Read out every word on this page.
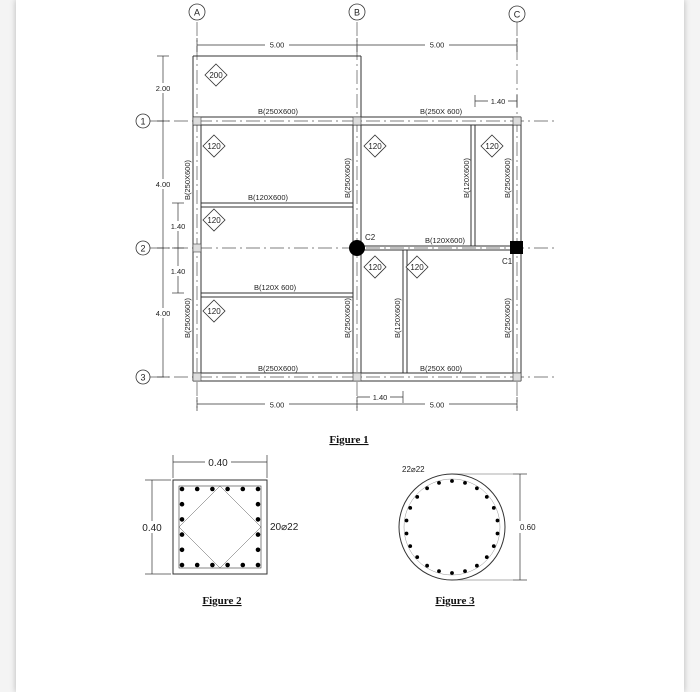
A	B	C
1
2
3
C2
C1
B(250X600)	B(250X 600)
B(250X600)	B(250X 600)
B(120X600)
B(120X 600)
B(120X600)
B(250X600)
B(250X600)
B(250X600)
B(250X600)
B(120X600)
B(120X600)
B(250X600)
B(250X600)
200
120	120	120
120
120	120
120
5.00	5.00
1.40
5.00	5.00
1.40
2.00
4.00
4.00
1.40
1.40
Figure 1
0.40
0.40	20⌀22
Figure 2
0.60
22⌀22
Figure 3
